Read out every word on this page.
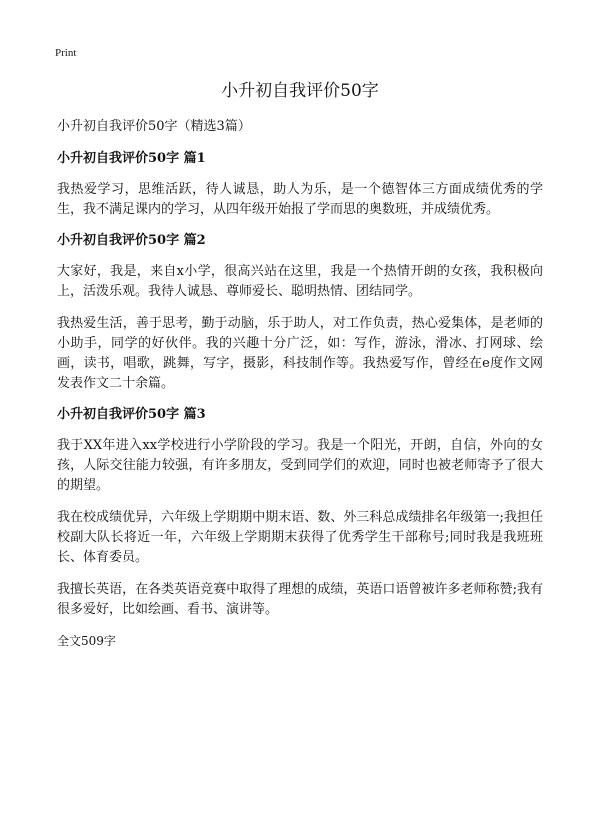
Print
小升初自我评价50字
小升初自我评价50字（精选3篇）
小升初自我评价50字 篇1

我热爱学习，思维活跃，待人诚恳，助人为乐，是一个德智体三方面成绩优秀的学生，我不满足课内的学习，从四年级开始报了学而思的奥数班，并成绩优秀。

小升初自我评价50字 篇2

大家好，我是，来自x小学，很高兴站在这里，我是一个热情开朗的女孩，我积极向上，活泼乐观。我待人诚恳、尊师爱长、聪明热情、团结同学。

我热爱生活，善于思考，勤于动脑，乐于助人，对工作负责，热心爱集体，是老师的小助手，同学的好伙伴。我的兴趣十分广泛，如：写作，游泳，滑冰、打网球、绘画，读书，唱歌，跳舞，写字，摄影，科技制作等。我热爱写作，曾经在e度作文网发表作文二十余篇。

小升初自我评价50字 篇3

我于XX年进入xx学校进行小学阶段的学习。我是一个阳光，开朗，自信，外向的女孩，人际交往能力较强，有许多朋友，受到同学们的欢迎，同时也被老师寄予了很大的期望。

我在校成绩优异，六年级上学期期中期末语、数、外三科总成绩排名年级第一;我担任校副大队长将近一年，六年级上学期期末获得了优秀学生干部称号;同时我是我班班长、体育委员。

我擅长英语，在各类英语竞赛中取得了理想的成绩，英语口语曾被许多老师称赞;我有很多爱好，比如绘画、看书、演讲等。

全文509字
